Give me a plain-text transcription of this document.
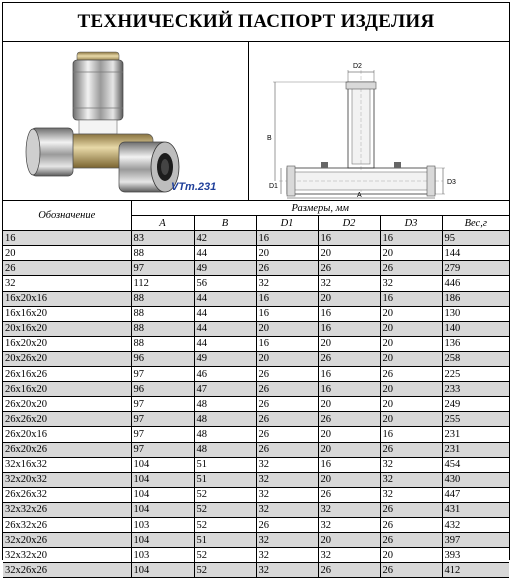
ТЕХНИЧЕСКИЙ ПАСПОРТ ИЗДЕЛИЯ
VTm.231
D2
B
D1
D3
A
Обозначение	Размеры, мм					
	A	B	D1	D2	D3	Вес,г
16	83	42	16	16	16	95
20	88	44	20	20	20	144
26	97	49	26	26	26	279
32	112	56	32	32	32	446
16x20x16	88	44	16	20	16	186
16x16x20	88	44	16	16	20	130
20x16x20	88	44	20	16	20	140
16x20x20	88	44	16	20	20	136
20x26x20	96	49	20	26	20	258
26x16x26	97	46	26	16	26	225
26x16x20	96	47	26	16	20	233
26x20x20	97	48	26	20	20	249
26x26x20	97	48	26	26	20	255
26x20x16	97	48	26	20	16	231
26x20x26	97	48	26	20	26	231
32x16x32	104	51	32	16	32	454
32x20x32	104	51	32	20	32	430
26x26x32	104	52	32	26	32	447
32x32x26	104	52	32	32	26	431
26x32x26	103	52	26	32	26	432
32x20x26	104	51	32	20	26	397
32x32x20	103	52	32	32	20	393
32x26x26	104	52	32	26	26	412
